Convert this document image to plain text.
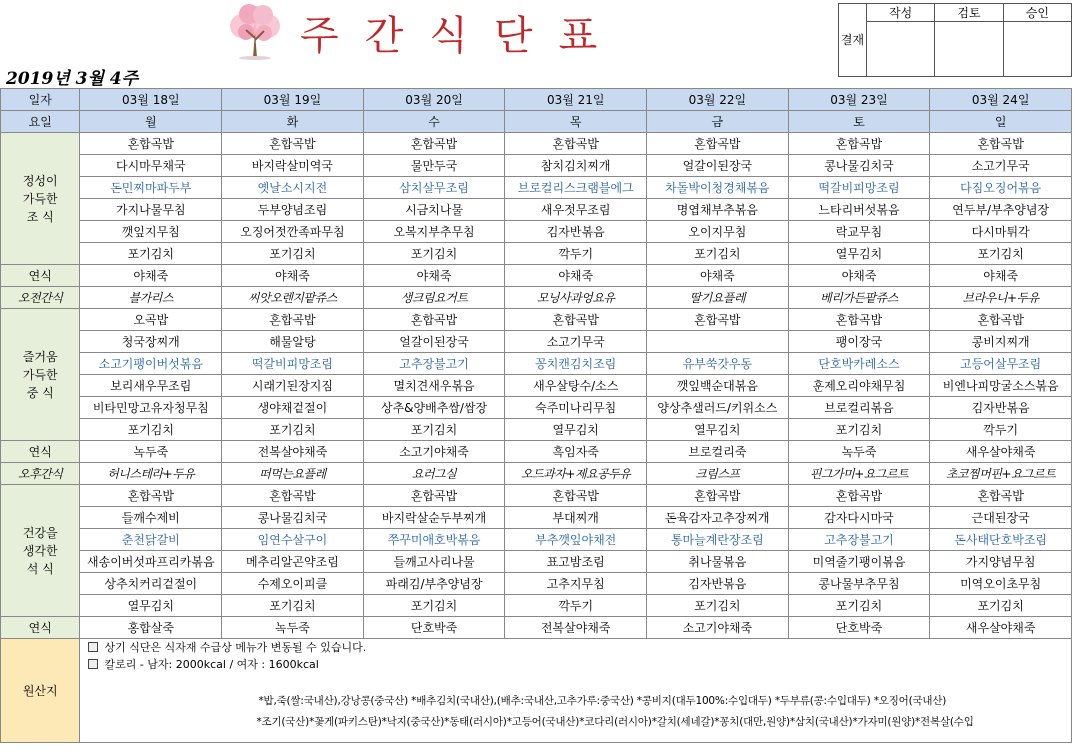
주간식단표
2019년 3월 4주
결재	작성	검토	승인

일자	03월 18일	03월 19일	03월 20일	03월 21일	03월 22일	03월 23일	03월 24일
요일	월	화	수	목	금	토	일

정성이
가득한
조 식	혼합곡밥	혼합곡밥	혼합곡밥	혼합곡밥	혼합곡밥	혼합곡밥	혼합곡밥
	다시마무채국	바지락살미역국	물만두국	참치김치찌개	얼갈이된장국	콩나물김치국	소고기무국
	돈민찌마파두부	옛날소시지전	삼치살무조림	브로컬리스크램블에그	차돌박이청경채볶음	떡갈비피망조림	다짐오징어볶음
	가지나물무침	두부양념조림	시금치나물	새우젓무조림	명엽채부추볶음	느타리버섯볶음	연두부/부추양념장
	깻잎지무침	오징어젓깐족파무침	오복지부추무침	김자반볶음	오이지무침	락교무침	다시마튀각
	포기김치	포기김치	포기김치	깍두기	포기김치	열무김치	포기김치
연식	야채죽	야채죽	야채죽	야채죽	야채죽	야채죽	야채죽
오전간식	블가리스	씨앗오렌지팥쥬스	생크림요거트	모닝사과엉요유	딸기요플레	베리가든팥쥬스	브라우니+두유

즐거움
가득한
중 식	오곡밥	혼합곡밥	혼합곡밥	혼합곡밥	혼합곡밥	혼합곡밥	혼합곡밥
	청국장찌개	해물알탕	얼갈이된장국	소고기무국		팽이장국	콩비지찌개
	소고기팽이버섯볶음	떡갈비피망조림	고추장불고기	꽁치캔김치조림	유부쑥갓우동	단호박카레소스	고등어살무조림
	보리새우무조림	시래기된장지짐	멸치견새우볶음	새우살탕수/소스	깻잎백순대볶음	훈제오리야채무침	비엔나피망굴소스볶음
	비타민망고유자청무침	생야채겉절이	상추&양배추쌈/쌈장	숙주미나리무침	양상추샐러드/키위소스	브로컬리볶음	김자반볶음
	포기김치	포기김치	포기김치	열무김치	열무김치	포기김치	깍두기
연식	녹두죽	전복살야채죽	소고기야채죽	흑임자죽	브로컬리죽	녹두죽	새우살야채죽
오후간식	허니스테라+두유	떠먹는요플레	요러그실	오드과자+제요공두유	크림스프	핀그가미+요그르트	초코찜머핀+요그르트

건강을
생각한
석 식	혼합곡밥	혼합곡밥	혼합곡밥	혼합곡밥	혼합곡밥	혼합곡밥	혼합곡밥
	들깨수제비	콩나물김치국	바지락살순두부찌개	부대찌개	돈육감자고추장찌개	감자다시마국	근대된장국
	춘천닭갈비	임연수살구이	쭈꾸미애호박볶음	부추깻잎야채전	통마늘계란장조림	고추장불고기	돈사태단호박조림
	새송이버섯파프리카볶음	메추리알곤약조림	들깨고사리나물	표고밤조림	취나물볶음	미역줄기팽이볶음	가지양념무침
	상추치커리겉절이	수제오이피클	파래김/부추양념장	고추지무침	김자반볶음	콩나물부추무침	미역오이초무침
	열무김치	포기김치	포기김치	깍두기	포기김치	포기김치	포기김치
연식	홍합살죽	녹두죽	단호박죽	전복살야채죽	소고기야채죽	단호박죽	새우살야채죽
원산지	상기 식단은 식자재 수급상 메뉴가 변동될 수 있습니다.
칼로리 - 남자: 2000kcal / 여자 : 1600kcal
*밥,죽(쌀:국내산),강낭콩(중국산) *배추김치(국내산),(배추:국내산,고추가루:중국산) *콩비지(대두100%:수입대두) *두부류(콩:수입대두) *오징어(국내산)
*조기(국산)*꽃게(파키스탄)*낙지(중국산)*동태(러시아)*고등어(국내산)*코다리(러시아)*갈치(세네갈)*꽁치(대만,원양)*삼치(국내산)*가자미(원양)*전복살(수입						
